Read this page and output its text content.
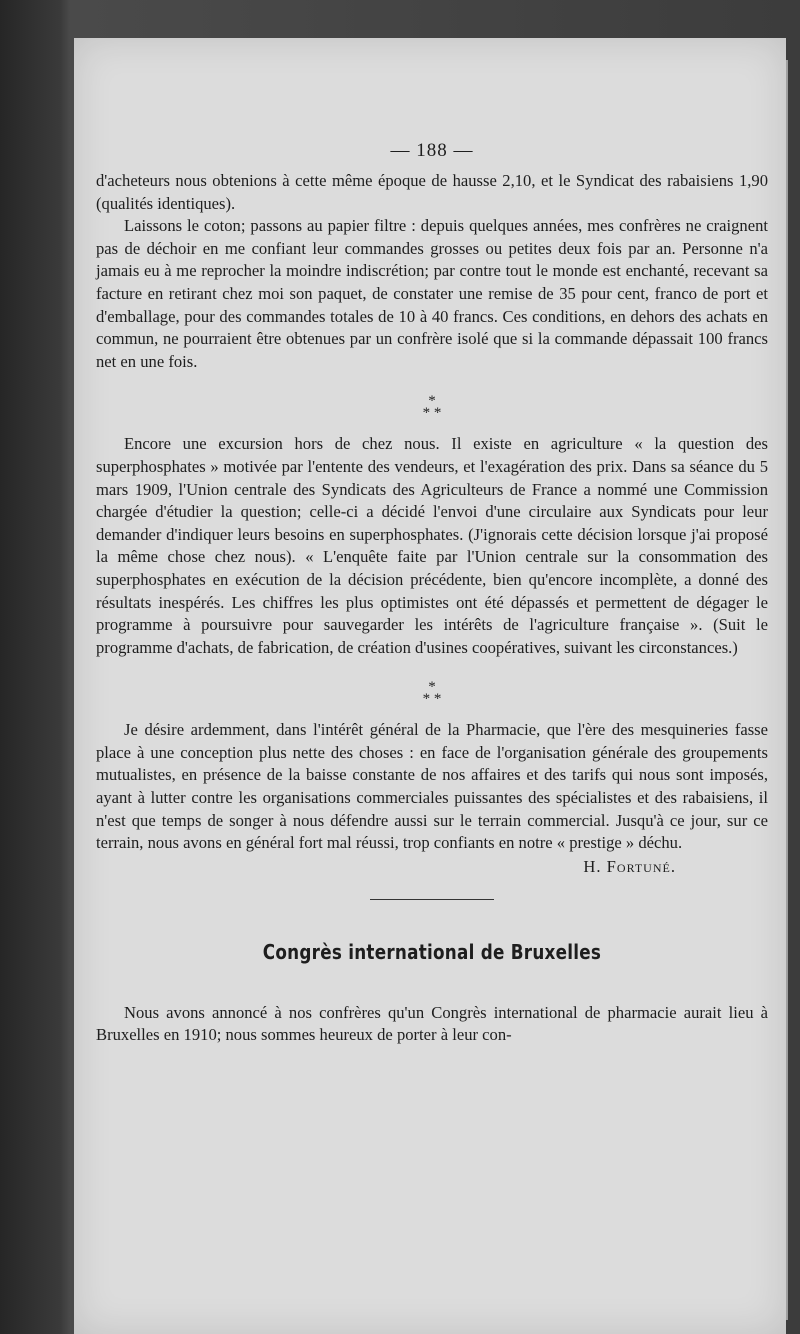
— 188 —

d'acheteurs nous obtenions à cette même époque de hausse 2,10, et le Syndicat des rabaisiens 1,90 (qualités identiques).

Laissons le coton; passons au papier filtre : depuis quelques années, mes confrères ne craignent pas de déchoir en me confiant leur commandes grosses ou petites deux fois par an. Personne n'a jamais eu à me reprocher la moindre indiscrétion; par contre tout le monde est enchanté, recevant sa facture en retirant chez moi son paquet, de constater une remise de 35 pour cent, franco de port et d'emballage, pour des commandes totales de 10 à 40 francs. Ces conditions, en dehors des achats en commun, ne pourraient être obtenues par un confrère isolé que si la commande dépassait 100 francs net en une fois.

*
* *

Encore une excursion hors de chez nous. Il existe en agriculture « la question des superphosphates » motivée par l'entente des vendeurs, et l'exagération des prix. Dans sa séance du 5 mars 1909, l'Union centrale des Syndicats des Agriculteurs de France a nommé une Commission chargée d'étudier la question; celle-ci a décidé l'envoi d'une circulaire aux Syndicats pour leur demander d'indiquer leurs besoins en superphosphates. (J'ignorais cette décision lorsque j'ai proposé la même chose chez nous). « L'enquête faite par l'Union centrale sur la consommation des superphosphates en exécution de la décision précédente, bien qu'encore incomplète, a donné des résultats inespérés. Les chiffres les plus optimistes ont été dépassés et permettent de dégager le programme à poursuivre pour sauvegarder les intérêts de l'agriculture française ». (Suit le programme d'achats, de fabrication, de création d'usines coopératives, suivant les circonstances.)

*
* *

Je désire ardemment, dans l'intérêt général de la Pharmacie, que l'ère des mesquineries fasse place à une conception plus nette des choses : en face de l'organisation générale des groupements mutualistes, en présence de la baisse constante de nos affaires et des tarifs qui nous sont imposés, ayant à lutter contre les organisations commerciales puissantes des spécialistes et des rabaisiens, il n'est que temps de songer à nous défendre aussi sur le terrain commercial. Jusqu'à ce jour, sur ce terrain, nous avons en général fort mal réussi, trop confiants en notre « prestige » déchu.

H. Fortuné.
Congrès international de Bruxelles

Nous avons annoncé à nos confrères qu'un Congrès international de pharmacie aurait lieu à Bruxelles en 1910; nous sommes heureux de porter à leur con-
